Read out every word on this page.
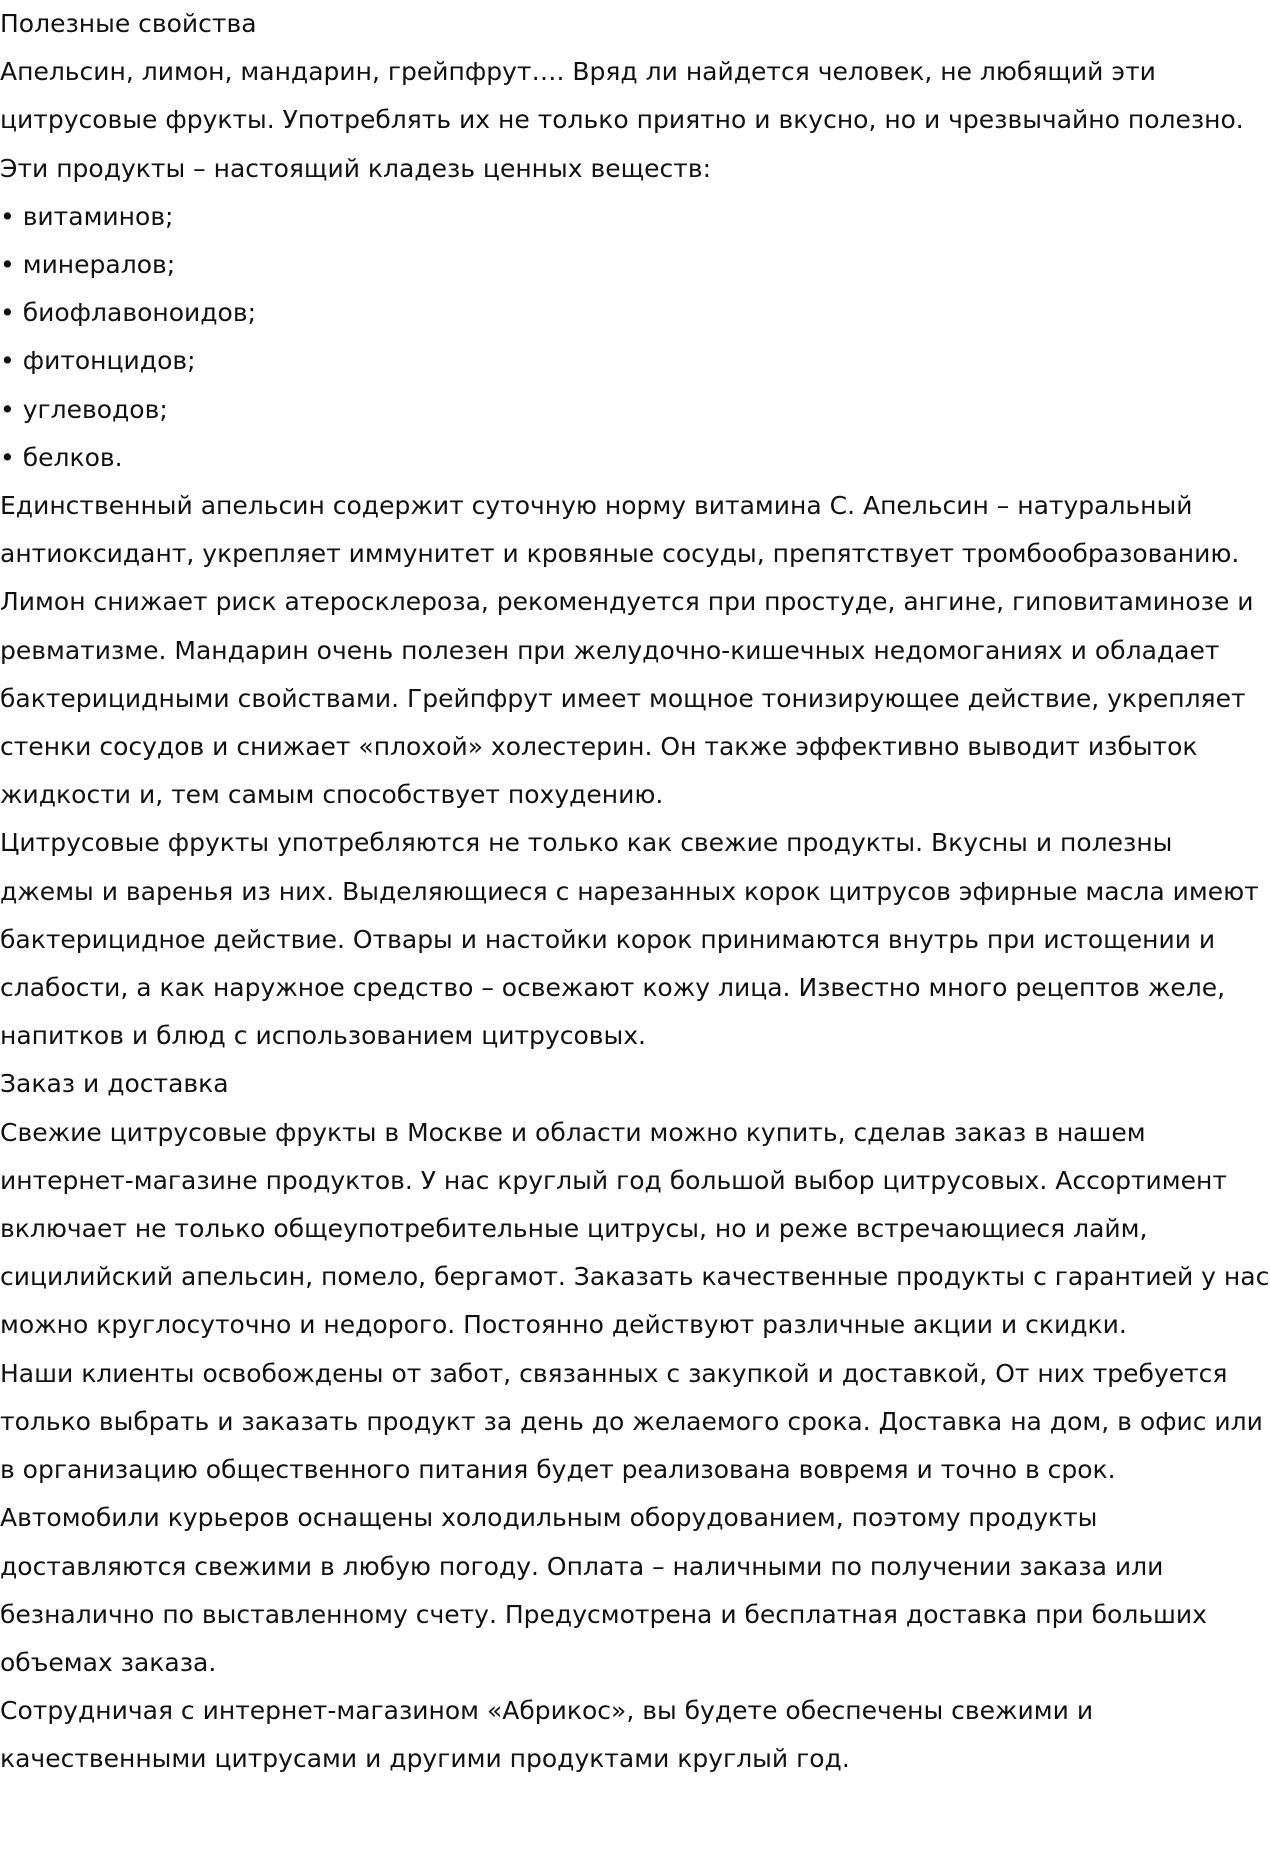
Полезные свойства

Апельсин, лимон, мандарин, грейпфрут…. Вряд ли найдется человек, не любящий эти цитрусовые фрукты. Употреблять их не только приятно и вкусно, но и чрезвычайно полезно. Эти продукты – настоящий кладезь ценных веществ:

• витаминов;
• минералов;
• биофлавоноидов;
• фитонцидов;
• углеводов;
• белков.

Единственный апельсин содержит суточную норму витамина С. Апельсин – натуральный антиоксидант, укрепляет иммунитет и кровяные сосуды, препятствует тромбообразованию. Лимон снижает риск атеросклероза, рекомендуется при простуде, ангине, гиповитаминозе и ревматизме. Мандарин очень полезен при желудочно-кишечных недомоганиях и обладает бактерицидными свойствами. Грейпфрут имеет мощное тонизирующее действие, укрепляет стенки сосудов и снижает «плохой» холестерин. Он также эффективно выводит избыток жидкости и, тем самым способствует похудению.

Цитрусовые фрукты употребляются не только как свежие продукты. Вкусны и полезны джемы и варенья из них. Выделяющиеся с нарезанных корок цитрусов эфирные масла имеют бактерицидное действие. Отвары и настойки корок принимаются внутрь при истощении и слабости, а как наружное средство – освежают кожу лица. Известно много рецептов желе, напитков и блюд с использованием цитрусовых.

Заказ и доставка

Свежие цитрусовые фрукты в Москве и области можно купить, сделав заказ в нашем интернет-магазине продуктов. У нас круглый год большой выбор цитрусовых. Ассортимент включает не только общеупотребительные цитрусы, но и реже встречающиеся лайм, сицилийский апельсин, помело, бергамот. Заказать качественные продукты с гарантией у нас можно круглосуточно и недорого. Постоянно действуют различные акции и скидки.

Наши клиенты освобождены от забот, связанных с закупкой и доставкой, От них требуется только выбрать и заказать продукт за день до желаемого срока. Доставка на дом, в офис или в организацию общественного питания будет реализована вовремя и точно в срок. Автомобили курьеров оснащены холодильным оборудованием, поэтому продукты доставляются свежими в любую погоду. Оплата – наличными по получении заказа или безналично по выставленному счету. Предусмотрена и бесплатная доставка при больших объемах заказа.

Сотрудничая с интернет-магазином «Абрикос», вы будете обеспечены свежими и качественными цитрусами и другими продуктами круглый год.
